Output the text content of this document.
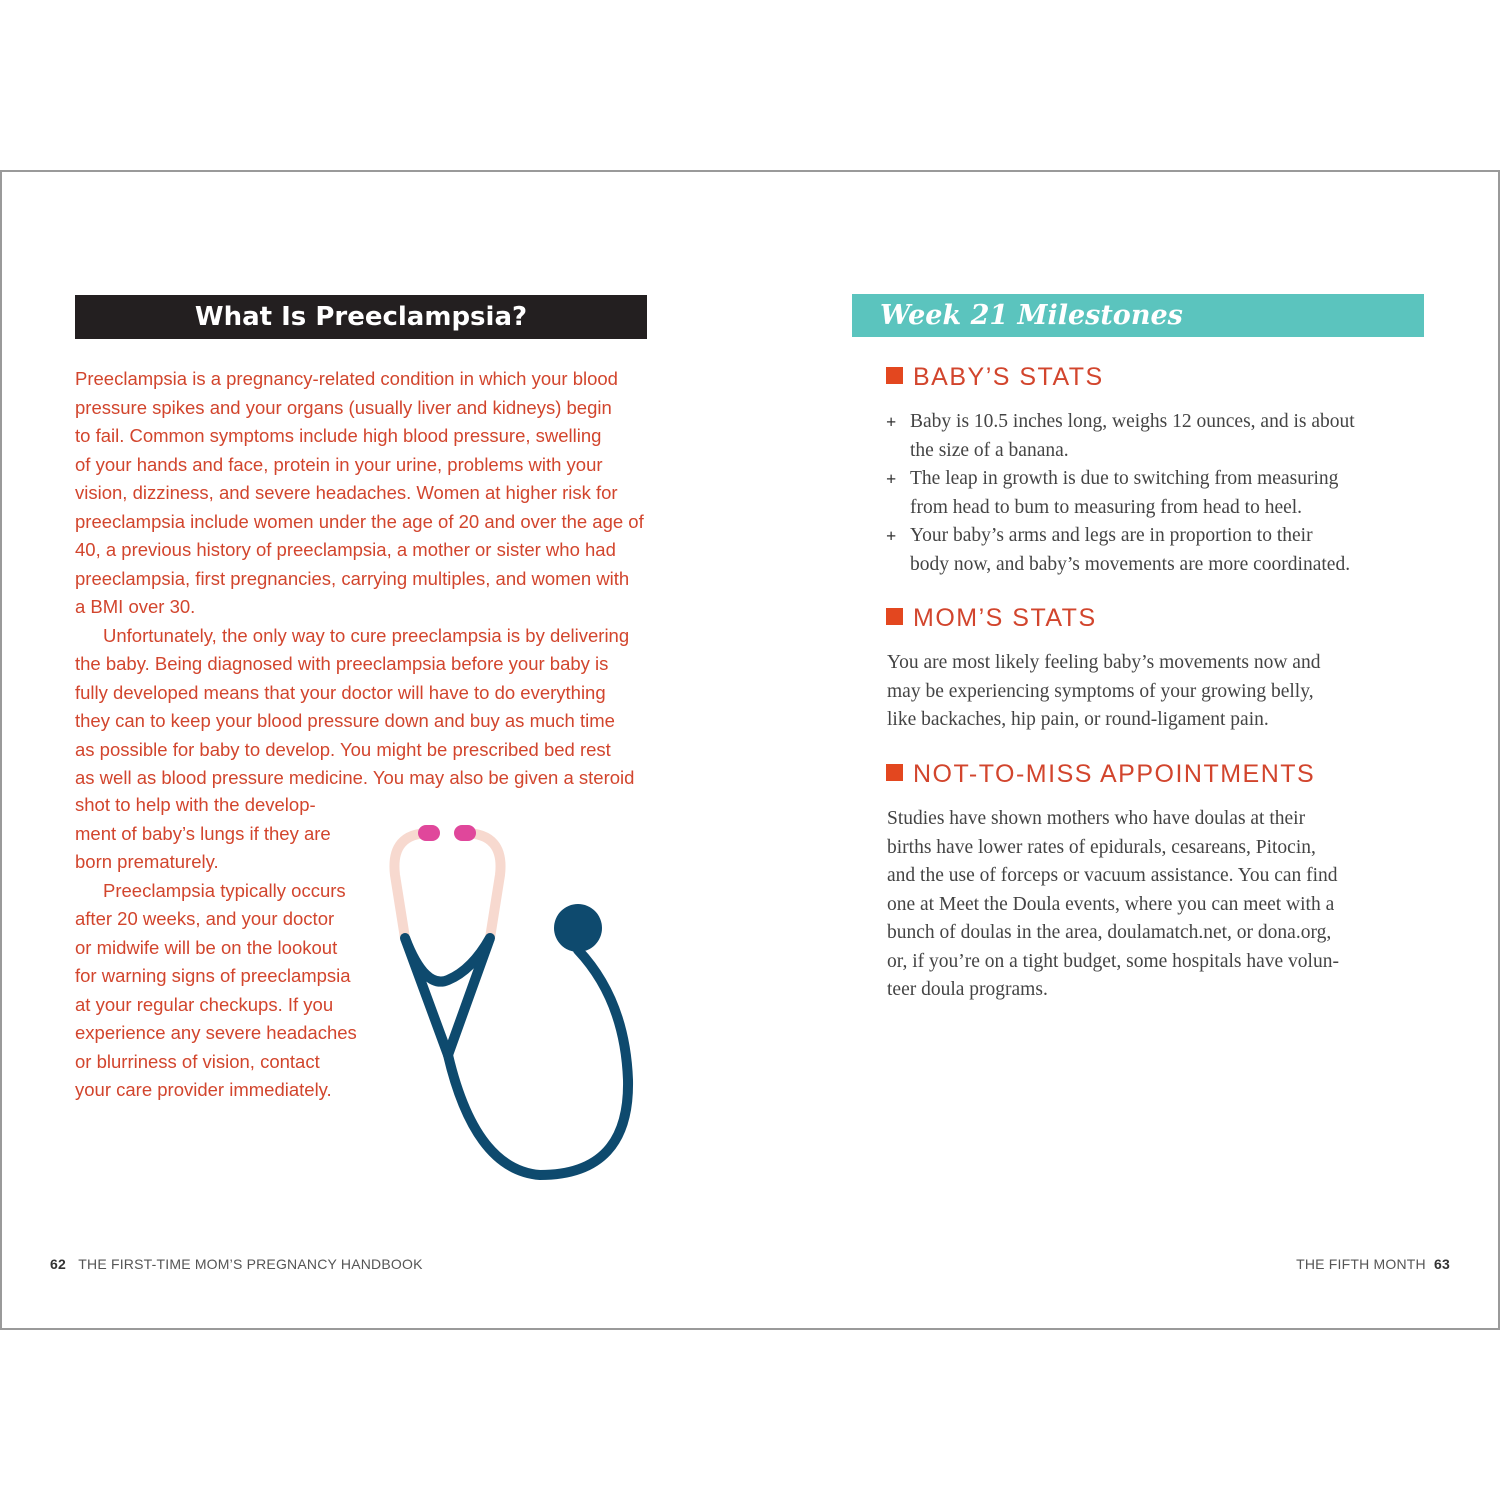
What Is Preeclampsia?

Preeclampsia is a pregnancy-related condition in which your blood
pressure spikes and your organs (usually liver and kidneys) begin
to fail. Common symptoms include high blood pressure, swelling
of your hands and face, protein in your urine, problems with your
vision, dizziness, and severe headaches. Women at higher risk for
preeclampsia include women under the age of 20 and over the age of
40, a previous history of preeclampsia, a mother or sister who had
preeclampsia, first pregnancies, carrying multiples, and women with
a BMI over 30.

Unfortunately, the only way to cure preeclampsia is by delivering
the baby. Being diagnosed with preeclampsia before your baby is
fully developed means that your doctor will have to do everything
they can to keep your blood pressure down and buy as much time
as possible for baby to develop. You might be prescribed bed rest
as well as blood pressure medicine. You may also be given a steroid

shot to help with the develop-
ment of baby’s lungs if they are
born prematurely.

Preeclampsia typically occurs
after 20 weeks, and your doctor
or midwife will be on the lookout
for warning signs of preeclampsia
at your regular checkups. If you
experience any severe headaches
or blurriness of vision, contact
your care provider immediately.

62 THE FIRST-TIME MOM’S PREGNANCY HANDBOOK
Week 21 Milestones
BABY’S STATS
+ Baby is 10.5 inches long, weighs 12 ounces, and is about
the size of a banana.
+ The leap in growth is due to switching from measuring
from head to bum to measuring from head to heel.
+ Your baby’s arms and legs are in proportion to their
body now, and baby’s movements are more coordinated.
MOM’S STATS

You are most likely feeling baby’s movements now and
may be experiencing symptoms of your growing belly,
like backaches, hip pain, or round-ligament pain.

NOT-TO-MISS APPOINTMENTS

Studies have shown mothers who have doulas at their
births have lower rates of epidurals, cesareans, Pitocin,
and the use of forceps or vacuum assistance. You can find
one at Meet the Doula events, where you can meet with a
bunch of doulas in the area, doulamatch.net, or dona.org,
or, if you’re on a tight budget, some hospitals have volun-
teer doula programs.

THE FIFTH MONTH 63
